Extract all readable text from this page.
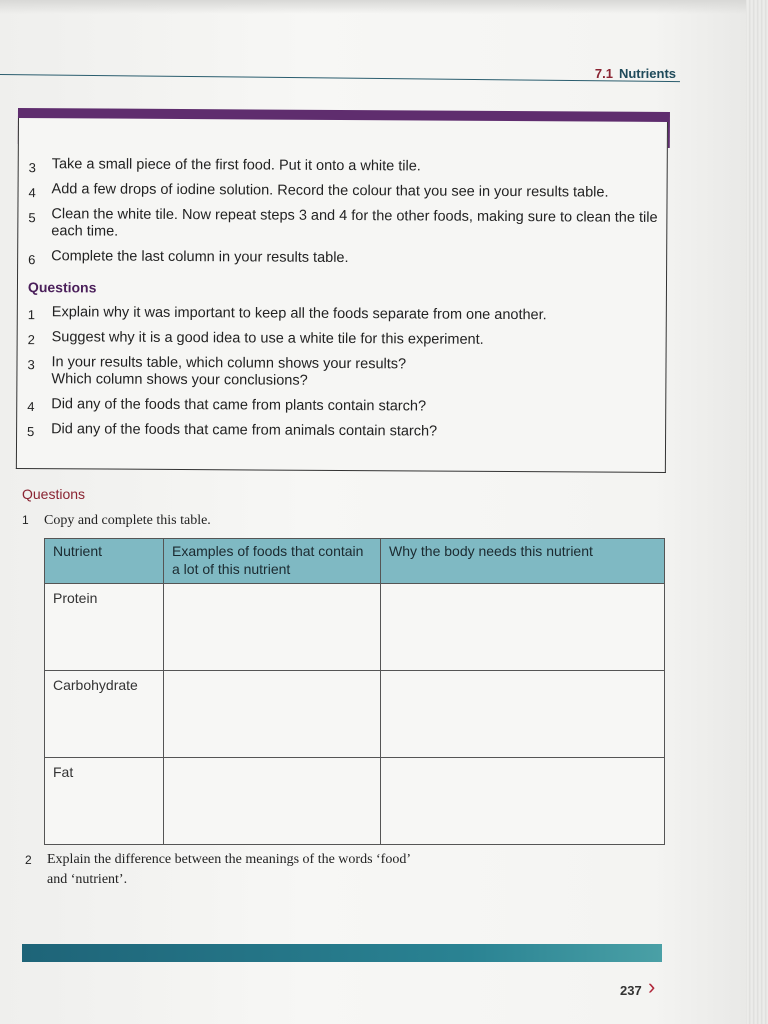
7.1 Nutrients
3 Take a small piece of the first food. Put it onto a white tile.
4 Add a few drops of iodine solution. Record the colour that you see in your results table.
5 Clean the white tile. Now repeat steps 3 and 4 for the other foods, making sure to clean the tile each time.
6 Complete the last column in your results table.
Questions
1 Explain why it was important to keep all the foods separate from one another.
2 Suggest why it is a good idea to use a white tile for this experiment.
3 In your results table, which column shows your results?
Which column shows your conclusions?
4 Did any of the foods that came from plants contain starch?
5 Did any of the foods that came from animals contain starch?
Questions
1 Copy and complete this table.
Nutrient	Examples of foods that contain a lot of this nutrient	Why the body needs this nutrient
Protein		
Carbohydrate		
Fat		
2 Explain the difference between the meanings of the words ‘food’
and ‘nutrient’.
237 ›
